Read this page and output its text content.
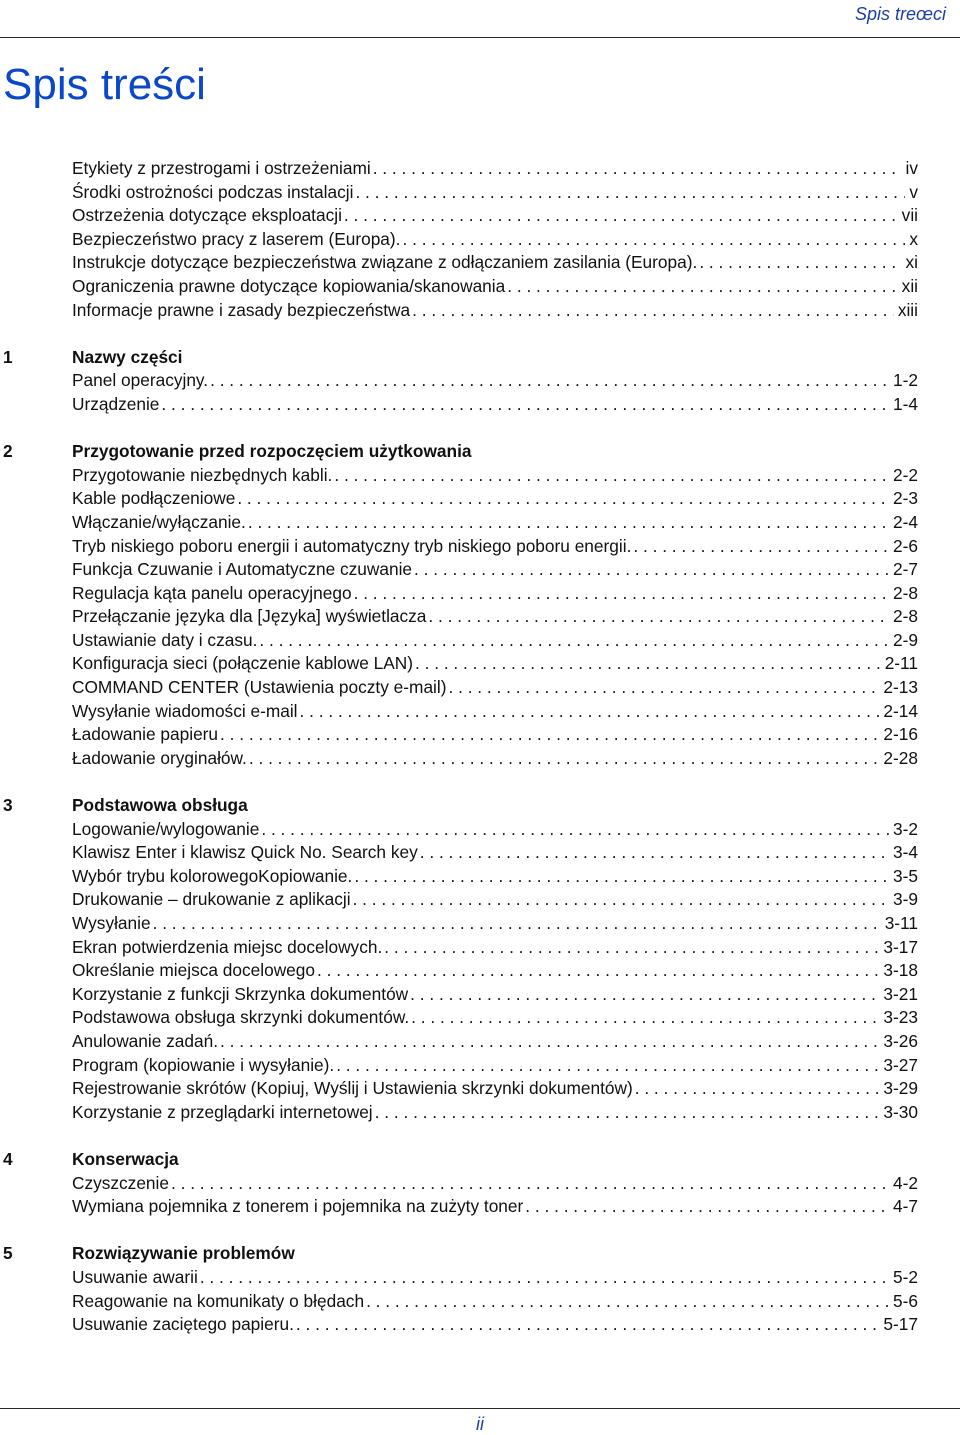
Spis treœci
Spis treści
Etykiety z przestrogami i ostrzeżeniami . . .	iv
Środki ostrożności podczas instalacji . . .	v
Ostrzeżenia dotyczące eksploatacji . . .	vii
Bezpieczeństwo pracy z laserem (Europa). . . .	x
Instrukcje dotyczące bezpieczeństwa związane z odłączaniem zasilania (Europa). . . .	xi
Ograniczenia prawne dotyczące kopiowania/skanowania . . .	xii
Informacje prawne i zasady bezpieczeństwa . . .	xiii
1	Nazwy części
Panel operacyjny. . . .	1-2
Urządzenie . . .	1-4
2	Przygotowanie przed rozpoczęciem użytkowania
Przygotowanie niezbędnych kabli. . . .	2-2
Kable podłączeniowe . . .	2-3
Włączanie/wyłączanie. . . .	2-4
Tryb niskiego poboru energii i automatyczny tryb niskiego poboru energii. . . .	2-6
Funkcja Czuwanie i Automatyczne czuwanie . . .	2-7
Regulacja kąta panelu operacyjnego . . .	2-8
Przełączanie języka dla [Języka] wyświetlacza . . .	2-8
Ustawianie daty i czasu. . . .	2-9
Konfiguracja sieci (połączenie kablowe LAN) . . .	2-11
COMMAND CENTER (Ustawienia poczty e-mail) . . .	2-13
Wysyłanie wiadomości e-mail . . .	2-14
Ładowanie papieru . . .	2-16
Ładowanie oryginałów. . . .	2-28
3	Podstawowa obsługa
Logowanie/wylogowanie . . .	3-2
Klawisz Enter i klawisz Quick No. Search key . . .	3-4
Wybór trybu kolorowegoKopiowanie. . . .	3-5
Drukowanie – drukowanie z aplikacji . . .	3-9
Wysyłanie . . .	3-11
Ekran potwierdzenia miejsc docelowych. . . .	3-17
Określanie miejsca docelowego . . .	3-18
Korzystanie z funkcji Skrzynka dokumentów . . .	3-21
Podstawowa obsługa skrzynki dokumentów. . . .	3-23
Anulowanie zadań. . . .	3-26
Program (kopiowanie i wysyłanie). . . .	3-27
Rejestrowanie skrótów (Kopiuj, Wyślij i Ustawienia skrzynki dokumentów) . . .	3-29
Korzystanie z przeglądarki internetowej . . .	3-30
4	Konserwacja
Czyszczenie . . .	4-2
Wymiana pojemnika z tonerem i pojemnika na zużyty toner . . .	4-7
5	Rozwiązywanie problemów
Usuwanie awarii . . .	5-2
Reagowanie na komunikaty o błędach . . .	5-6
Usuwanie zaciętego papieru. . . .	5-17
ii
